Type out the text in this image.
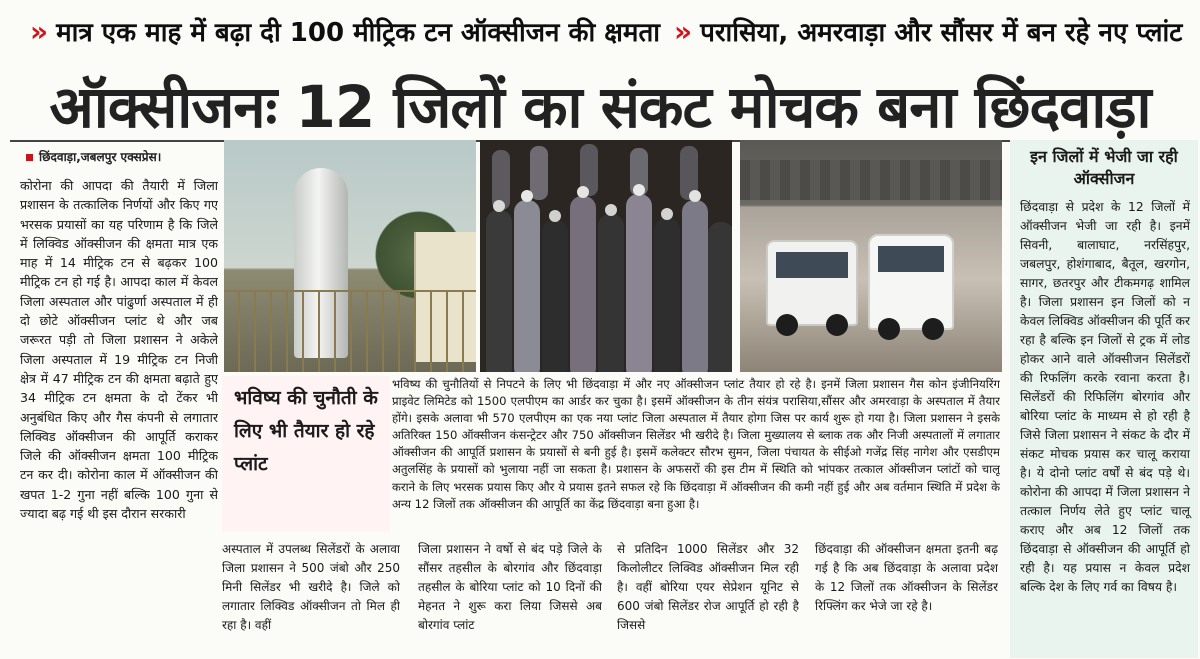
» मात्र एक माह में बढ़ा दी 100 मीट्रिक टन ऑक्सीजन की क्षमता » परासिया, अमरवाड़ा और सौंसर में बन रहे नए प्लांट
ऑक्सीजनः 12 जिलों का संकट मोचक बना छिंदवाड़ा
छिंदवाड़ा,जबलपुर एक्सप्रेस।
कोरोना की आपदा की तैयारी में जिला प्रशासन के तत्कालिक निर्णयों और किए गए भरसक प्रयासों का यह परिणाम है कि जिले में लिक्विड ऑक्सीजन की क्षमता मात्र एक माह में 14 मीट्रिक टन से बढ़कर 100 मीट्रिक टन हो गई है। आपदा काल में केवल जिला अस्पताल और पांढुर्णा अस्पताल में ही दो छोटे ऑक्सीजन प्लांट थे और जब जरूरत पड़ी तो जिला प्रशासन ने अकेले जिला अस्पताल में 19 मीट्रिक टन निजी क्षेत्र में 47 मीट्रिक टन की क्षमता बढ़ाते हुए 34 मीट्रिक टन क्षमता के दो टेंकर भी अनुबंधित किए और गैस कंपनी से लगातार लिक्विड ऑक्सीजन की आपूर्ति कराकर जिले की ऑक्सीजन क्षमता 100 मीट्रिक टन कर दी। कोरोना काल में ऑक्सीजन की खपत 1-2 गुना नहीं बल्कि 100 गुना से ज्यादा बढ़ गई थी इस दौरान सरकारी
भविष्य की चुनौती के लिए भी तैयार हो रहे प्लांट
भविष्य की चुनौतियों से निपटने के लिए भी छिंदवाड़ा में और नए ऑक्सीजन प्लांट तैयार हो रहे है। इनमें जिला प्रशासन गैस कोन इंजीनियरिंग प्राइवेट लिमिटेड को 1500 एलपीएम का आर्डर कर चुका है। इसमें ऑक्सीजन के तीन संयंत्र परासिया,सौंसर और अमरवाड़ा के अस्पताल में तैयार होंगे। इसके अलावा भी 570 एलपीएम का एक नया प्लांट जिला अस्पताल में तैयार होगा जिस पर कार्य शुरू हो गया है। जिला प्रशासन ने इसके अतिरिक्त 150 ऑक्सीजन कंसन्ट्रेटर और 750 ऑक्सीजन सिलेंडर भी खरीदे है। जिला मुख्यालय से ब्लाक तक और निजी अस्पतालों में लगातार ऑक्सीजन की आपूर्ति प्रशासन के प्रयासों से बनी हुई है। इसमें कलेक्टर सौरभ सुमन, जिला पंचायत के सीईओ गजेंद्र सिंह नागेश और एसडीएम अतुलसिंह के प्रयासों को भुलाया नहीं जा सकता है। प्रशासन के अफसरों की इस टीम में स्थिति को भांपकर तत्काल ऑक्सीजन प्लांटों को चालू कराने के लिए भरसक प्रयास किए और ये प्रयास इतने सफल रहे कि छिंदवाड़ा में ऑक्सीजन की कमी नहीं हुई और अब वर्तमान स्थिति में प्रदेश के अन्य 12 जिलों तक ऑक्सीजन की आपूर्ति का केंद्र छिंदवाड़ा बना हुआ है।
अस्पताल में उपलब्ध सिलेंडरों के अलावा जिला प्रशासन ने 500 जंबो और 250 मिनी सिलेंडर भी खरीदे है। जिले को लगातार लिक्विड ऑक्सीजन तो मिल ही रहा है। वहीं
जिला प्रशासन ने वर्षो से बंद पड़े जिले के सौंसर तहसील के बोरगांव और छिंदवाड़ा तहसील के बोरिया प्लांट को 10 दिनों की मेहनत ने शुरू करा लिया जिससे अब बोरगांव प्लांट
से प्रतिदिन 1000 सिलेंडर और 32 किलोलीटर लिक्विड ऑक्सीजन मिल रही है। वहीं बोरिया एयर सेप्रेशन यूनिट से 600 जंबो सिलेंडर रोज आपूर्ति हो रही है जिससे
छिंदवाड़ा की ऑक्सीजन क्षमता इतनी बढ़ गई है कि अब छिंदवाड़ा के अलावा प्रदेश के 12 जिलों तक ऑक्सीजन के सिलेंडर रिफ्लिंग कर भेजे जा रहे है।
इन जिलों में भेजी जा रही ऑक्सीजन
छिंदवाड़ा से प्रदेश के 12 जिलों में ऑक्सीजन भेजी जा रही है। इनमें सिवनी, बालाघाट, नरसिंहपुर, जबलपुर, होशंगाबाद, बैतूल, खरगोन, सागर, छतरपुर और टीकमगढ़ शामिल है। जिला प्रशासन इन जिलों को न केवल लिक्विड ऑक्सीजन की पूर्ति कर रहा है बल्कि इन जिलों से ट्रक में लोड होकर आने वाले ऑक्सीजन सिलेंडरों की रिफलिंग करके रवाना करता है। सिलेंडरों की रिफिलिंग बोरगांव और बोरिया प्लांट के माध्यम से हो रही है जिसे जिला प्रशासन ने संकट के दौर में संकट मोचक प्रयास कर चालू कराया है। ये दोनो प्लांट वर्षों से बंद पड़े थे। कोरोना की आपदा में जिला प्रशासन ने तत्काल निर्णय लेते हुए प्लांट चालू कराए और अब 12 जिलों तक छिंदवाड़ा से ऑक्सीजन की आपूर्ति हो रही है। यह प्रयास न केवल प्रदेश बल्कि देश के लिए गर्व का विषय है।
